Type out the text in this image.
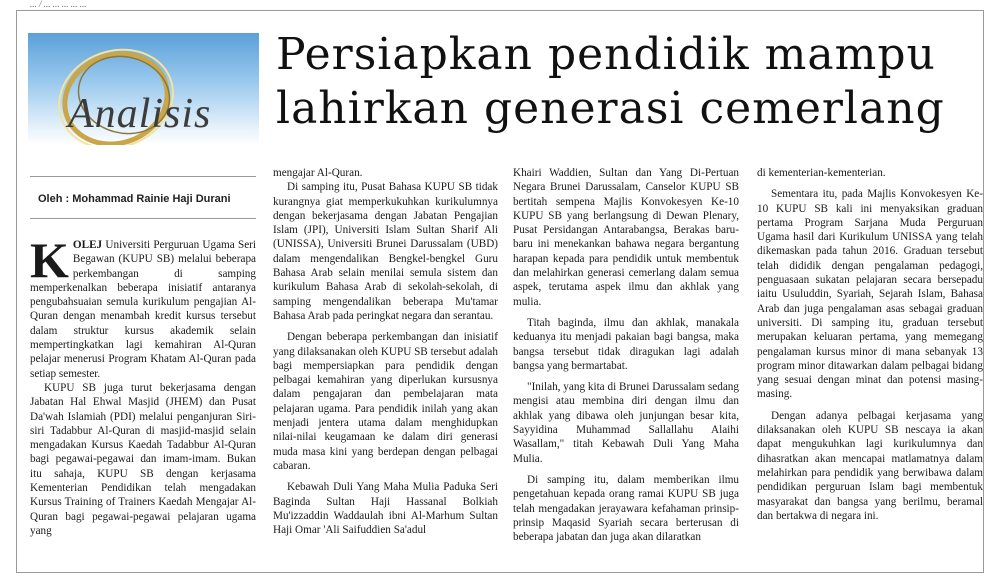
... / ... ... ... ... ...
Analisis
Persiapkan pendidik mampu
lahirkan generasi cemerlang
Oleh : Mohammad Rainie Haji Durani

KOLEJ Universiti Perguruan Ugama Seri Begawan (KUPU SB) melalui beberapa perkembangan di samping memperkenalkan beberapa inisiatif antaranya pengubahsuaian semula kurikulum pengajian Al-Quran dengan menambah kredit kursus tersebut dalam struktur kursus akademik selain mempertingkatkan lagi kemahiran Al-Quran pelajar menerusi Program Khatam Al-Quran pada setiap semester.

KUPU SB juga turut bekerjasama dengan Jabatan Hal Ehwal Masjid (JHEM) dan Pusat Da'wah Islamiah (PDI) melalui penganjuran Siri-siri Tadabbur Al-Quran di masjid-masjid selain mengadakan Kursus Kaedah Tadabbur Al-Quran bagi pegawai-pegawai dan imam-imam. Bukan itu sahaja, KUPU SB dengan kerjasama Kementerian Pendidikan telah mengadakan Kursus Training of Trainers Kaedah Mengajar Al-Quran bagi pegawai-pegawai pelajaran ugama yang

mengajar Al-Quran.

Di samping itu, Pusat Bahasa KUPU SB tidak kurangnya giat memperkukuhkan kurikulumnya dengan bekerjasama dengan Jabatan Pengajian Islam (JPI), Universiti Islam Sultan Sharif Ali (UNISSA), Universiti Brunei Darussalam (UBD) dalam mengendalikan Bengkel-bengkel Guru Bahasa Arab selain menilai semula sistem dan kurikulum Bahasa Arab di sekolah-sekolah, di samping mengendalikan beberapa Mu'tamar Bahasa Arab pada peringkat negara dan serantau.

Dengan beberapa perkembangan dan inisiatif yang dilaksanakan oleh KUPU SB tersebut adalah bagi mempersiapkan para pendidik dengan pelbagai kemahiran yang diperlukan kursusnya dalam pengajaran dan pembelajaran mata pelajaran ugama. Para pendidik inilah yang akan menjadi jentera utama dalam menghidupkan nilai-nilai keugamaan ke dalam diri generasi muda masa kini yang berdepan dengan pelbagai cabaran.

Kebawah Duli Yang Maha Mulia Paduka Seri Baginda Sultan Haji Hassanal Bolkiah Mu'izzaddin Waddaulah ibni Al-Marhum Sultan Haji Omar 'Ali Saifuddien Sa'adul

Khairi Waddien, Sultan dan Yang Di-Pertuan Negara Brunei Darussalam, Canselor KUPU SB bertitah sempena Majlis Konvokesyen Ke-10 KUPU SB yang berlangsung di Dewan Plenary, Pusat Persidangan Antarabangsa, Berakas baru-baru ini menekankan bahawa negara bergantung harapan kepada para pendidik untuk membentuk dan melahirkan generasi cemerlang dalam semua aspek, terutama aspek ilmu dan akhlak yang mulia.

Titah baginda, ilmu dan akhlak, manakala keduanya itu menjadi pakaian bagi bangsa, maka bangsa tersebut tidak diragukan lagi adalah bangsa yang bermartabat.

"Inilah, yang kita di Brunei Darussalam sedang mengisi atau membina diri dengan ilmu dan akhlak yang dibawa oleh junjungan besar kita, Sayyidina Muhammad Sallallahu Alaihi Wasallam," titah Kebawah Duli Yang Maha Mulia.

Di samping itu, dalam memberikan ilmu pengetahuan kepada orang ramai KUPU SB juga telah mengadakan jerayawara kefahaman prinsip-prinsip Maqasid Syariah secara berterusan di beberapa jabatan dan juga akan dilaratkan

di kementerian-kementerian.

Sementara itu, pada Majlis Konvokesyen Ke-10 KUPU SB kali ini menyaksikan graduan pertama Program Sarjana Muda Perguruan Ugama hasil dari Kurikulum UNISSA yang telah dikemaskan pada tahun 2016. Graduan tersebut telah dididik dengan pengalaman pedagogi, penguasaan sukatan pelajaran secara bersepadu iaitu Usuluddin, Syariah, Sejarah Islam, Bahasa Arab dan juga pengalaman asas sebagai graduan universiti. Di samping itu, graduan tersebut merupakan keluaran pertama, yang memegang pengalaman kursus minor di mana sebanyak 13 program minor ditawarkan dalam pelbagai bidang yang sesuai dengan minat dan potensi masing-masing.

Dengan adanya pelbagai kerjasama yang dilaksanakan oleh KUPU SB nescaya ia akan dapat mengukuhkan lagi kurikulumnya dan dihasratkan akan mencapai matlamatnya dalam melahirkan para pendidik yang berwibawa dalam pendidikan perguruan Islam bagi membentuk masyarakat dan bangsa yang berilmu, beramal dan bertakwa di negara ini.
